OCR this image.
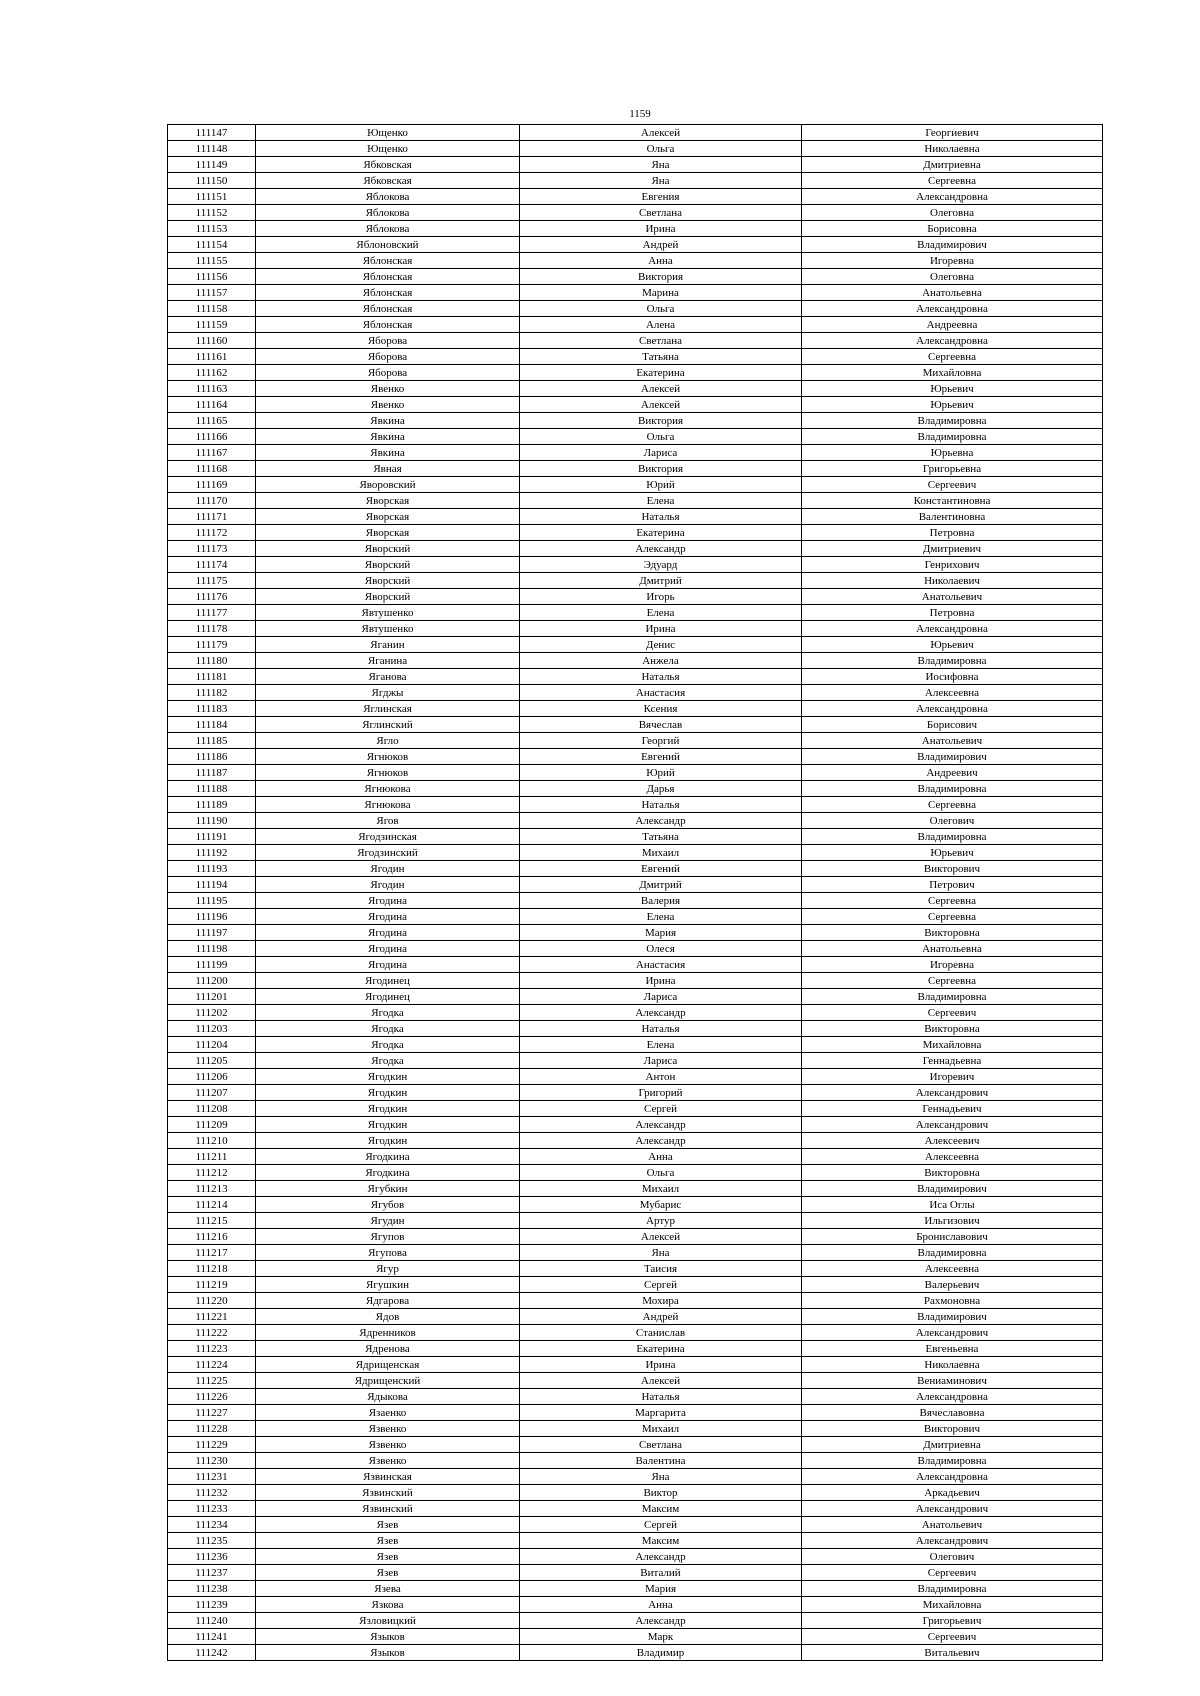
1159
111147	Ющенко	Алексей	Георгиевич
111148	Ющенко	Ольга	Николаевна
111149	Ябковская	Яна	Дмитриевна
111150	Ябковская	Яна	Сергеевна
111151	Яблокова	Евгения	Александровна
111152	Яблокова	Светлана	Олеговна
111153	Яблокова	Ирина	Борисовна
111154	Яблоновский	Андрей	Владимирович
111155	Яблонская	Анна	Игоревна
111156	Яблонская	Виктория	Олеговна
111157	Яблонская	Марина	Анатольевна
111158	Яблонская	Ольга	Александровна
111159	Яблонская	Алена	Андреевна
111160	Яборова	Светлана	Александровна
111161	Яборова	Татьяна	Сергеевна
111162	Яборова	Екатерина	Михайловна
111163	Явенко	Алексей	Юрьевич
111164	Явенко	Алексей	Юрьевич
111165	Явкина	Виктория	Владимировна
111166	Явкина	Ольга	Владимировна
111167	Явкина	Лариса	Юрьевна
111168	Явная	Виктория	Григорьевна
111169	Яворовский	Юрий	Сергеевич
111170	Яворская	Елена	Константиновна
111171	Яворская	Наталья	Валентиновна
111172	Яворская	Екатерина	Петровна
111173	Яворский	Александр	Дмитриевич
111174	Яворский	Эдуард	Генрихович
111175	Яворский	Дмитрий	Николаевич
111176	Яворский	Игорь	Анатольевич
111177	Явтушенко	Елена	Петровна
111178	Явтушенко	Ирина	Александровна
111179	Яганин	Денис	Юрьевич
111180	Яганина	Анжела	Владимировна
111181	Яганова	Наталья	Иосифовна
111182	Ягджы	Анастасия	Алексеевна
111183	Яглинская	Ксения	Александровна
111184	Яглинский	Вячеслав	Борисович
111185	Ягло	Георгий	Анатольевич
111186	Ягнюков	Евгений	Владимирович
111187	Ягнюков	Юрий	Андреевич
111188	Ягнюкова	Дарья	Владимировна
111189	Ягнюкова	Наталья	Сергеевна
111190	Ягов	Александр	Олегович
111191	Ягодзинская	Татьяна	Владимировна
111192	Ягодзинский	Михаил	Юрьевич
111193	Ягодин	Евгений	Викторович
111194	Ягодин	Дмитрий	Петрович
111195	Ягодина	Валерия	Сергеевна
111196	Ягодина	Елена	Сергеевна
111197	Ягодина	Мария	Викторовна
111198	Ягодина	Олеся	Анатольевна
111199	Ягодина	Анастасия	Игоревна
111200	Ягодинец	Ирина	Сергеевна
111201	Ягодинец	Лариса	Владимировна
111202	Ягодка	Александр	Сергеевич
111203	Ягодка	Наталья	Викторовна
111204	Ягодка	Елена	Михайловна
111205	Ягодка	Лариса	Геннадьевна
111206	Ягодкин	Антон	Игоревич
111207	Ягодкин	Григорий	Александрович
111208	Ягодкин	Сергей	Геннадьевич
111209	Ягодкин	Александр	Александрович
111210	Ягодкин	Александр	Алексеевич
111211	Ягодкина	Анна	Алексеевна
111212	Ягодкина	Ольга	Викторовна
111213	Ягубкин	Михаил	Владимирович
111214	Ягубов	Мубарис	Иса Оглы
111215	Ягудин	Артур	Ильгизович
111216	Ягупов	Алексей	Брониславович
111217	Ягупова	Яна	Владимировна
111218	Ягур	Таисия	Алексеевна
111219	Ягушкин	Сергей	Валерьевич
111220	Ядгарова	Мохира	Рахмоновна
111221	Ядов	Андрей	Владимирович
111222	Ядренников	Станислав	Александрович
111223	Ядренова	Екатерина	Евгеньевна
111224	Ядрищенская	Ирина	Николаевна
111225	Ядрищенский	Алексей	Вениаминович
111226	Ядыкова	Наталья	Александровна
111227	Язаенко	Маргарита	Вячеславовна
111228	Язвенко	Михаил	Викторович
111229	Язвенко	Светлана	Дмитриевна
111230	Язвенко	Валентина	Владимировна
111231	Язвинская	Яна	Александровна
111232	Язвинский	Виктор	Аркадьевич
111233	Язвинский	Максим	Александрович
111234	Язев	Сергей	Анатольевич
111235	Язев	Максим	Александрович
111236	Язев	Александр	Олегович
111237	Язев	Виталий	Сергеевич
111238	Язева	Мария	Владимировна
111239	Язкова	Анна	Михайловна
111240	Язловицкий	Александр	Григорьевич
111241	Языков	Марк	Сергеевич
111242	Языков	Владимир	Витальевич
